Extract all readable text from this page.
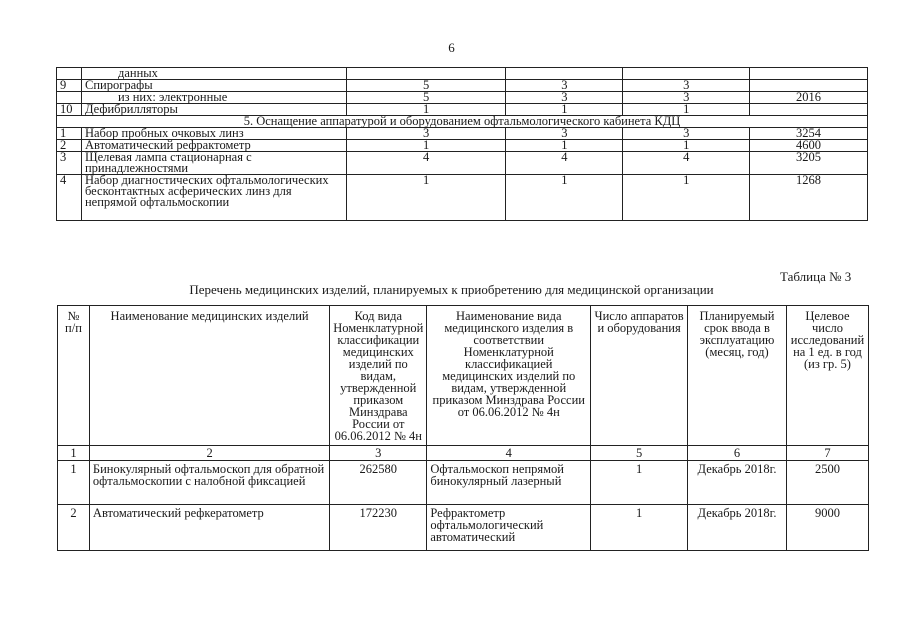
6
	данных				
9	Спирографы	5	3	3	
	из них: электронные	5	3	3	2016
10	Дефибрилляторы	1	1	1	
5. Оснащение аппаратурой и оборудованием офтальмологического кабинета КДЦ					
1	Набор пробных очковых линз	3	3	3	3254
2	Автоматический рефрактометр	1	1	1	4600
3	Щелевая лампа стационарная с принадлежностями	4	4	4	3205
4	Набор диагностических офтальмологических бесконтактных асферических линз для непрямой офтальмоскопии	1	1	1	1268
Таблица № 3
Перечень медицинских изделий, планируемых к приобретению для медицинской организации
№ п/п	Наименование медицинских изделий	Код вида Номенклатурной классификации медицинских изделий по видам, утвержденной приказом Минздрава России от 06.06.2012 № 4н	Наименование вида медицинского изделия в соответствии Номенклатурной классификацией медицинских изделий по видам, утвержденной приказом Минздрава России от 06.06.2012 № 4н	Число аппаратов и оборудования	Планируемый срок ввода в эксплуатацию (месяц, год)	Целевое число исследований на 1 ед. в год (из гр. 5)
1	2	3	4	5	6	7
1	Бинокулярный офтальмоскоп для обратной офтальмоскопии с налобной фиксацией	262580	Офтальмоскоп непрямой бинокулярный лазерный	1	Декабрь 2018г.	2500
2	Автоматический рефкератометр	172230	Рефрактометр офтальмологический автоматический	1	Декабрь 2018г.	9000
